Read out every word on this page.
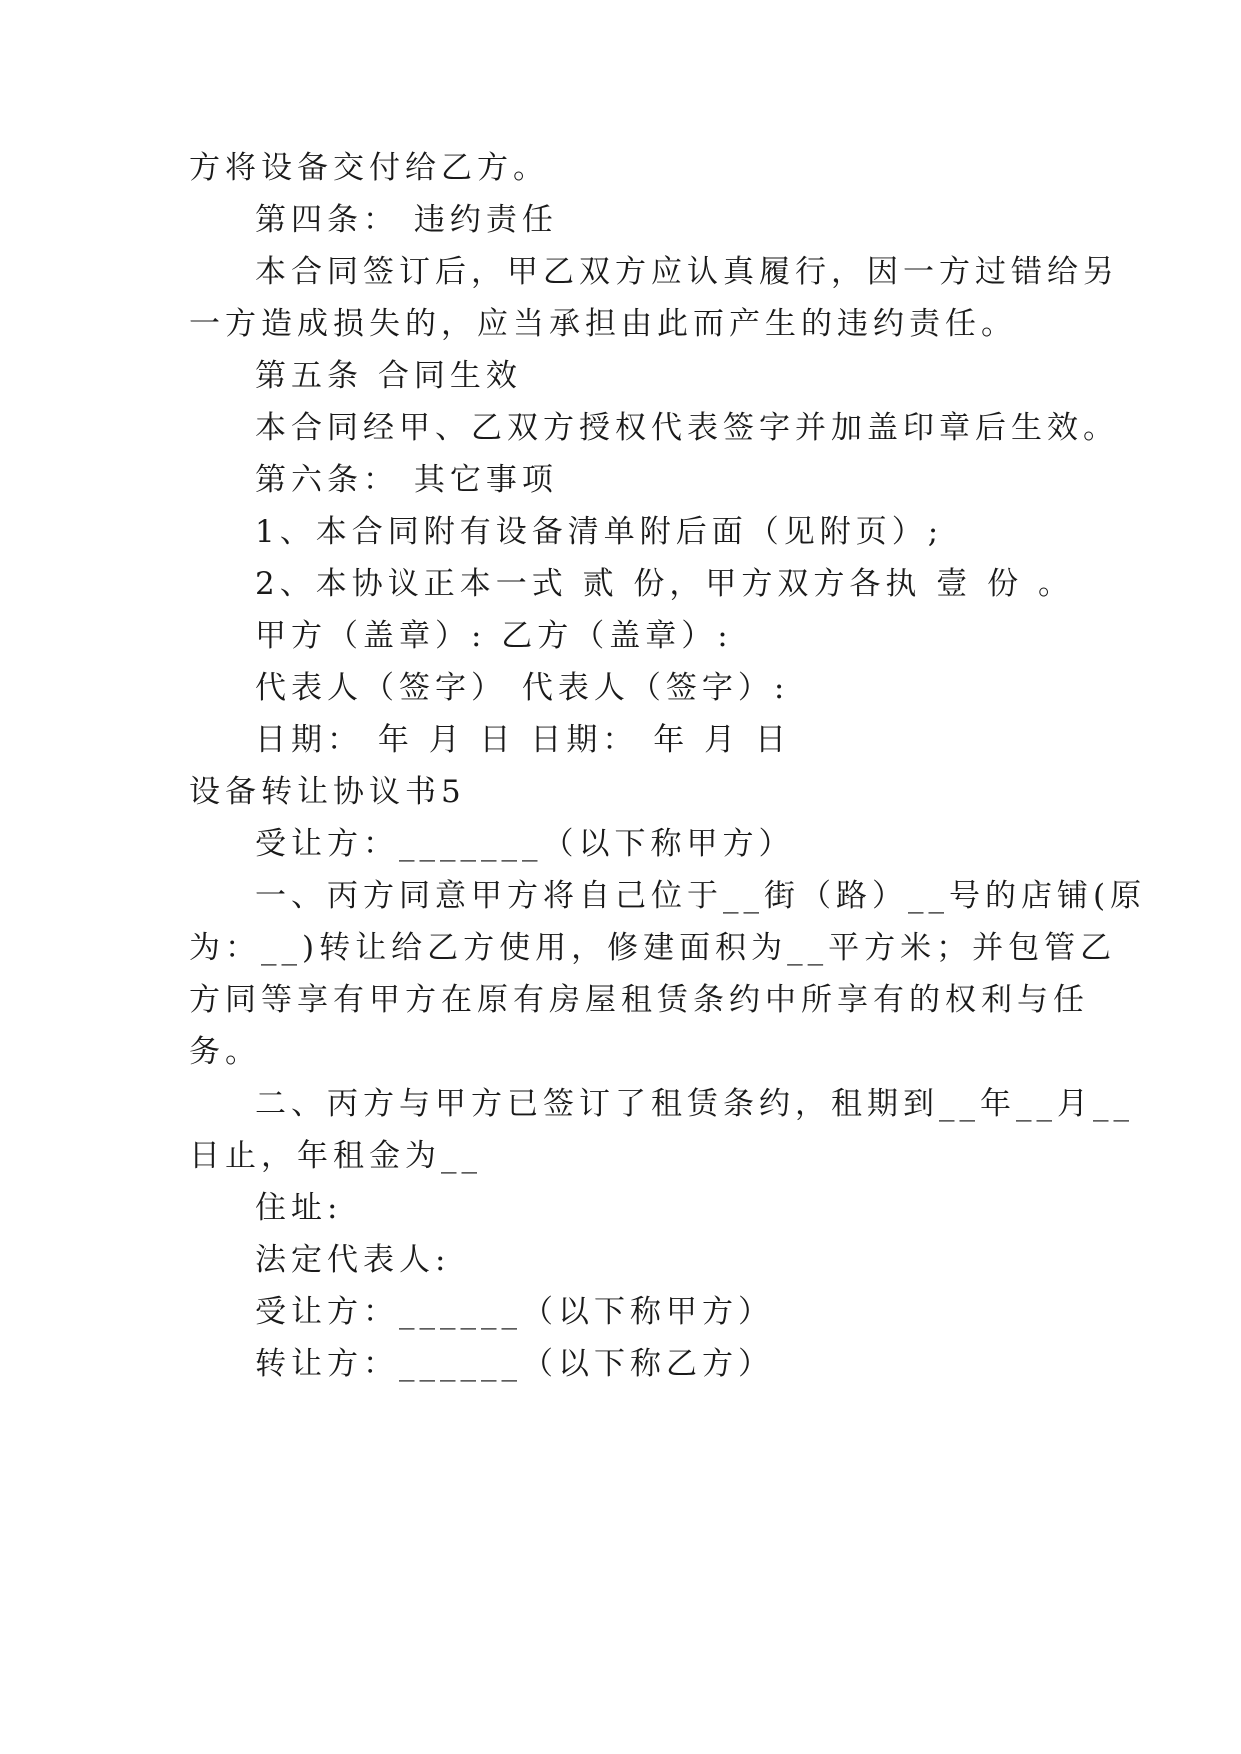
方将设备交付给乙方。
第四条： 违约责任
本合同签订后，甲乙双方应认真履行，因一方过错给另
一方造成损失的，应当承担由此而产生的违约责任。
第五条 合同生效
本合同经甲、乙双方授权代表签字并加盖印章后生效。
第六条： 其它事项
1、本合同附有设备清单附后面（见附页）;
2、本协议正本一式 贰 份，甲方双方各执 壹 份 。
甲方（盖章）: 乙方（盖章）:
代表人（签字） 代表人（签字）:
日期： 年 月 日 日期： 年 月 日
设备转让协议书5
受让方：_______（以下称甲方）
一、丙方同意甲方将自己位于__街（路）__号的店铺(原
为：__)转让给乙方使用，修建面积为__平方米；并包管乙
方同等享有甲方在原有房屋租赁条约中所享有的权利与任
务。
二、丙方与甲方已签订了租赁条约，租期到__年__月__
日止，年租金为__
住址:
法定代表人:
受让方：______（以下称甲方）
转让方：______（以下称乙方）
